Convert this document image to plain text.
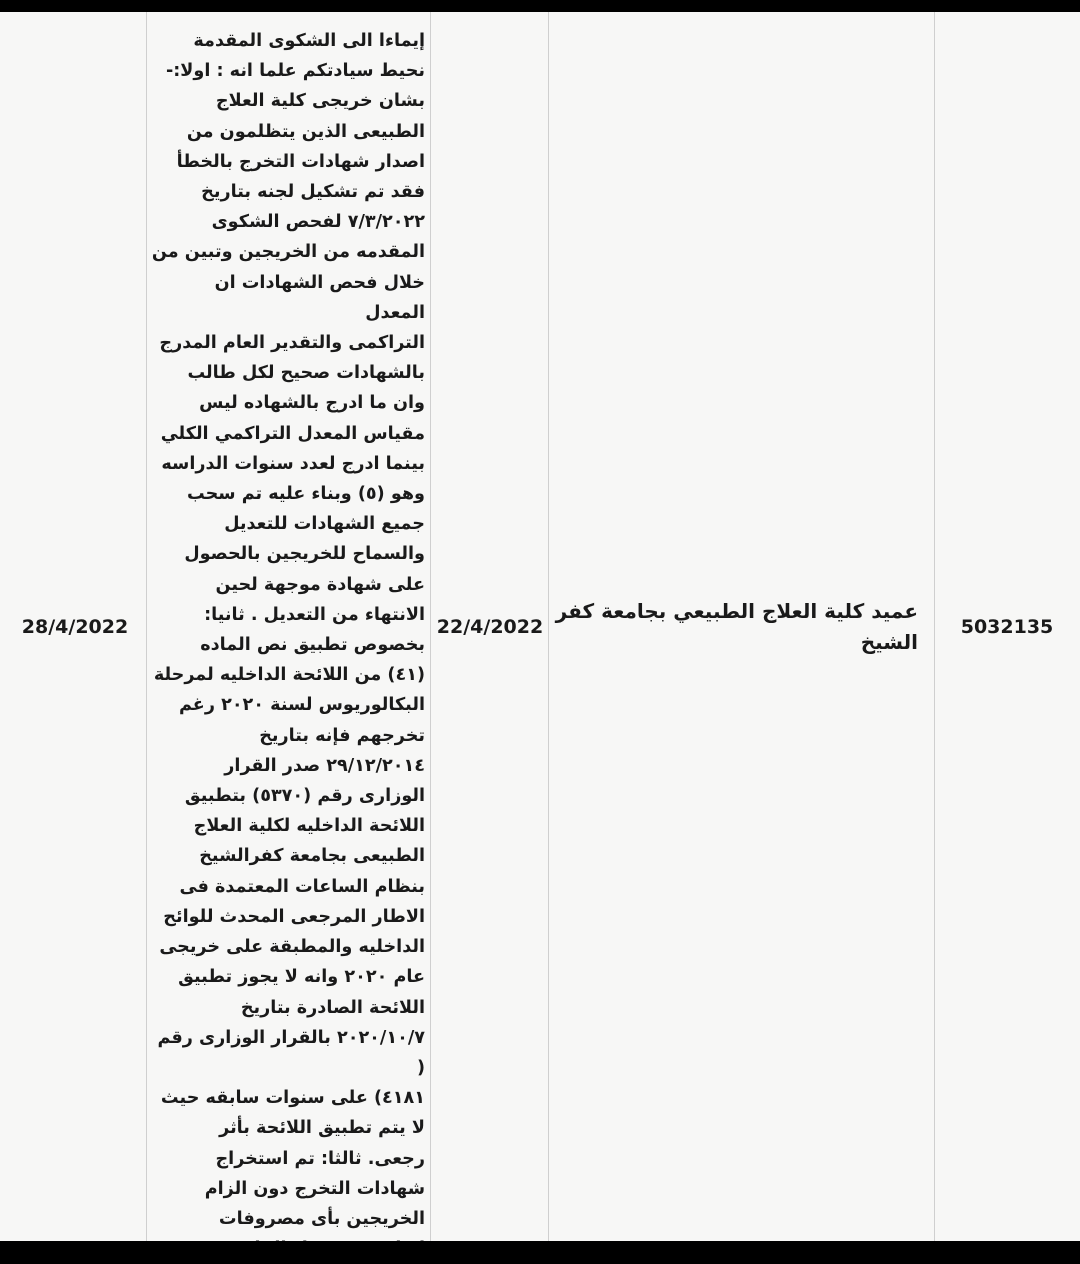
5032135
عميد كلية العلاج الطبيعي بجامعة كفر الشيخ
22/4/2022
إيماءا الى الشكوى المقدمة
نحيط سيادتكم علما انه : اولا:-
بشان خريجى كلية العلاج
الطبيعى الذين يتظلمون من
اصدار شهادات التخرج بالخطأ
فقد تم تشكيل لجنه بتاريخ
٧/٣/٢٠٢٢ لفحص الشكوى
المقدمه من الخريجين وتبين من
خلال فحص الشهادات ان المعدل
التراكمى والتقدير العام المدرج
بالشهادات صحيح لكل طالب
وان ما ادرج بالشهاده ليس
مقياس المعدل التراكمي الكلي
بينما ادرج لعدد سنوات الدراسه
وهو (٥) وبناء عليه تم سحب
جميع الشهادات للتعديل
والسماح للخريجين بالحصول
على شهادة موجهة لحين
الانتهاء من التعديل . ثانيا:
بخصوص تطبيق نص الماده
(٤١) من اللائحة الداخليه لمرحلة
البكالوريوس لسنة ٢٠٢٠ رغم
تخرجهم فإنه بتاريخ
٢٩/١٢/٢٠١٤ صدر القرار
الوزارى رقم (٥٣٧٠) بتطبيق
اللائحة الداخليه لكلية العلاج
الطبيعى بجامعة كفرالشيخ
بنظام الساعات المعتمدة فى
الاطار المرجعى المحدث للوائح
الداخليه والمطبقة على خريجى
عام ٢٠٢٠ وانه لا يجوز تطبيق
اللائحة الصادرة بتاريخ
٢٠٢٠/١٠/٧ بالقرار الوزارى رقم (
٤١٨١) على سنوات سابقه حيث
لا يتم تطبيق اللائحة بأثر
رجعى. ثالثا: تم استخراج
شهادات التخرج دون الزام
الخريجين بأى مصروفات

28/4/2022
